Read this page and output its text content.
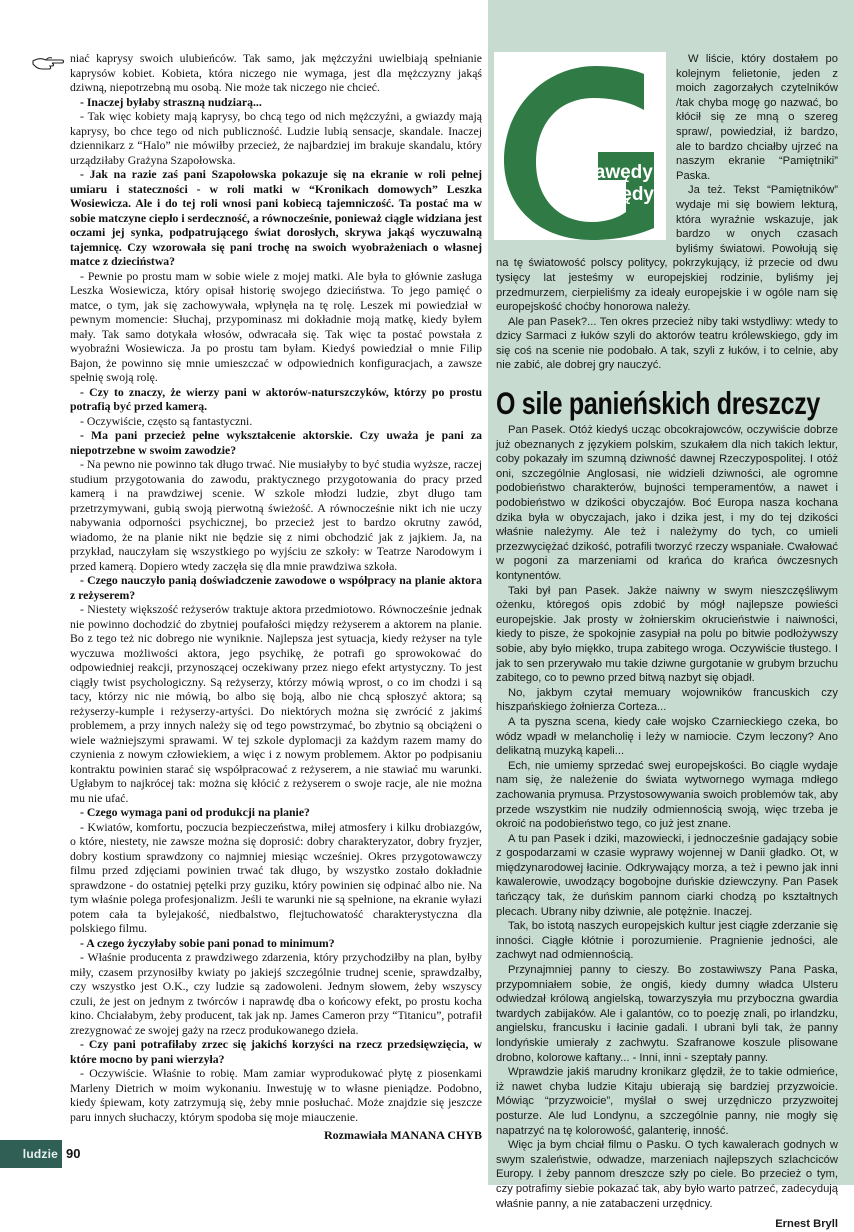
niać kaprysy swoich ulubieńców. Tak samo, jak mężczyźni uwielbiają spełnianie kaprysów kobiet. Kobieta, która niczego nie wymaga, jest dla mężczyzny jakąś dziwną, niepotrzebną mu osobą. Nie może tak niczego nie chcieć.

- Inaczej byłaby straszną nudziarą...

- Tak więc kobiety mają kaprysy, bo chcą tego od nich mężczyźni, a gwiazdy mają kaprysy, bo chce tego od nich publiczność. Ludzie lubią sensacje, skandale. Inaczej dziennikarz z “Halo” nie mówiłby przecież, że najbardziej im brakuje skandalu, który urządziłaby Grażyna Szapołowska.

- Jak na razie zaś pani Szapołowska pokazuje się na ekranie w roli pełnej umiaru i stateczności - w roli matki w “Kronikach domowych” Leszka Wosiewicza. Ale i do tej roli wnosi pani kobiecą tajemniczość. Ta postać ma w sobie matczyne ciepło i serdeczność, a równocześnie, ponieważ ciągle widziana jest oczami jej synka, podpatrującego świat dorosłych, skrywa jakąś wyczuwalną tajemnicę. Czy wzorowała się pani trochę na swoich wyobrażeniach o własnej matce z dzieciństwa?

- Pewnie po prostu mam w sobie wiele z mojej matki. Ale była to głównie zasługa Leszka Wosiewicza, który opisał historię swojego dzieciństwa. To jego pamięć o matce, o tym, jak się zachowywała, wpłynęła na tę rolę. Leszek mi powiedział w pewnym momencie: Słuchaj, przypominasz mi dokładnie moją matkę, kiedy byłem mały. Tak samo dotykała włosów, odwracała się. Tak więc ta postać powstała z wyobraźni Wosiewicza. Ja po prostu tam byłam. Kiedyś powiedział o mnie Filip Bajon, że powinno się mnie umieszczać w odpowiednich konfiguracjach, a zawsze spełnię swoją rolę.

- Czy to znaczy, że wierzy pani w aktorów-naturszczyków, którzy po prostu potrafią być przed kamerą.

- Oczywiście, często są fantastyczni.

- Ma pani przecież pełne wykształcenie aktorskie. Czy uważa je pani za niepotrzebne w swoim zawodzie?

- Na pewno nie powinno tak długo trwać. Nie musiałyby to być studia wyższe, raczej studium przygotowania do zawodu, praktycznego przygotowania do pracy przed kamerą i na prawdziwej scenie. W szkole młodzi ludzie, zbyt długo tam przetrzymywani, gubią swoją pierwotną świeżość. A równocześnie nikt ich nie uczy nabywania odporności psychicznej, bo przecież jest to bardzo okrutny zawód, wiadomo, że na planie nikt nie będzie się z nimi obchodzić jak z jajkiem. Ja, na przykład, nauczyłam się wszystkiego po wyjściu ze szkoły: w Teatrze Narodowym i przed kamerą. Dopiero wtedy zaczęła się dla mnie prawdziwa szkoła.

- Czego nauczyło panią doświadczenie zawodowe o współpracy na planie aktora z reżyserem?

- Niestety większość reżyserów traktuje aktora przedmiotowo. Równocześnie jednak nie powinno dochodzić do zbytniej poufałości między reżyserem a aktorem na planie. Bo z tego też nic dobrego nie wyniknie. Najlepsza jest sytuacja, kiedy reżyser na tyle wyczuwa możliwości aktora, jego psychikę, że potrafi go sprowokować do odpowiedniej reakcji, przynoszącej oczekiwany przez niego efekt artystyczny. To jest ciągły twist psychologiczny. Są reżyserzy, którzy mówią wprost, o co im chodzi i są tacy, którzy nic nie mówią, bo albo się boją, albo nie chcą spłoszyć aktora; są reżyserzy-kumple i reżyserzy-artyści. Do niektórych można się zwrócić z jakimś problemem, a przy innych należy się od tego powstrzymać, bo zbytnio są obciążeni o wiele ważniejszymi sprawami. W tej szkole dyplomacji za każdym razem mamy do czynienia z nowym człowiekiem, a więc i z nowym problemem. Aktor po podpisaniu kontraktu powinien starać się współpracować z reżyserem, a nie stawiać mu warunki. Ugłabym to najkrócej tak: można się kłócić z reżyserem o swoje racje, ale nie można mu nie ufać.

- Czego wymaga pani od produkcji na planie?

- Kwiatów, komfortu, poczucia bezpieczeństwa, miłej atmosfery i kilku drobiazgów, o które, niestety, nie zawsze można się doprosić: dobry charakteryzator, dobry fryzjer, dobry kostium sprawdzony co najmniej miesiąc wcześniej. Okres przygotowawczy filmu przed zdjęciami powinien trwać tak długo, by wszystko zostało dokładnie sprawdzone - do ostatniej pętelki przy guziku, który powinien się odpinać albo nie. Na tym właśnie polega profesjonalizm. Jeśli te warunki nie są spełnione, na ekranie wyłazi potem cała ta bylejakość, niedbalstwo, flejtuchowatość charakterystyczna dla polskiego filmu.

- A czego życzyłaby sobie pani ponad to minimum?

- Właśnie producenta z prawdziwego zdarzenia, który przychodziłby na plan, byłby miły, czasem przynosiłby kwiaty po jakiejś szczególnie trudnej scenie, sprawdzałby, czy wszystko jest O.K., czy ludzie są zadowoleni. Jednym słowem, żeby wszyscy czuli, że jest on jednym z twórców i naprawdę dba o końcowy efekt, po prostu kocha kino. Chciałabym, żeby producent, tak jak np. James Cameron przy “Titanicu”, potrafił zrezygnować ze swojej gaży na rzecz produkowanego dzieła.

- Czy pani potrafiłaby zrzec się jakichś korzyści na rzecz przedsięwzięcia, w które mocno by pani wierzyła?

- Oczywiście. Właśnie to robię. Mam zamiar wyprodukować płytę z piosenkami Marleny Dietrich w moim wykonaniu. Inwestuję w to własne pieniądze. Podobno, kiedy śpiewam, koty zatrzymują się, żeby mnie posłuchać. Może znajdzie się jeszcze paru innych słuchaczy, którym spodoba się moje miauczenie.

Rozmawiała MANANA CHYB

ludzie 90
gawędy
z grzędy

W liście, który dostałem po kolejnym felietonie, jeden z moich zagorzałych czytelników /tak chyba mogę go nazwać, bo kłócił się ze mną o szereg spraw/, powiedział, iż bardzo, ale to bardzo chciałby ujrzeć na naszym ekranie “Pamiętniki” Paska.

Ja też. Tekst “Pamiętników” wydaje mi się bowiem lekturą, która wyraźnie wskazuje, jak bardzo w onych czasach byliśmy światowi. Powołują się na tę światowość polscy politycy, pokrzykujący, iż przecie od dwu tysięcy lat jesteśmy w europejskiej rodzinie, byliśmy jej przedmurzem, cierpieliśmy za ideały europejskie i w ogóle nam się europejskość choćby honorowa należy.

Ale pan Pasek?... Ten okres przecież niby taki wstydliwy: wtedy to dzicy Sarmaci z łuków szyli do aktorów teatru królewskiego, gdy im się coś na scenie nie podobało. A tak, szyli z łuków, i to celnie, aby nie zabić, ale dobrej gry nauczyć.

O sile panieńskich dreszczy

Pan Pasek. Otóż kiedyś ucząc obcokrajowców, oczywiście dobrze już obeznanych z językiem polskim, szukałem dla nich takich lektur, coby pokazały im szumną dziwność dawnej Rzeczypospolitej. I otóż oni, szczególnie Anglosasi, nie widzieli dziwności, ale ogromne podobieństwo charakterów, bujności temperamentów, a nawet i podobieństwo w dzikości obyczajów. Boć Europa nasza kochana dzika była w obyczajach, jako i dzika jest, i my do tej dzikości właśnie należymy. Ale też i należymy do tych, co umieli przezwyciężać dzikość, potrafili tworzyć rzeczy wspaniałe. Cwałować w pogoni za marzeniami od krańca do krańca ówczesnych kontynentów.

Taki był pan Pasek. Jakże naiwny w swym nieszczęśliwym ożenku, któregoś opis zdobić by mógł najlepsze powieści europejskie. Jak prosty w żołnierskim okrucieństwie i naiwności, kiedy to pisze, że spokojnie zasypiał na polu po bitwie podłożywszy sobie, aby było miękko, trupa zabitego wroga. Oczywiście tłustego. I jak to sen przerywało mu takie dziwne gurgotanie w grubym brzuchu zabitego, co to pewno przed bitwą nazbyt się objadł.

No, jakbym czytał memuary wojowników francuskich czy hiszpańskiego żołnierza Corteza...

A ta pyszna scena, kiedy całe wojsko Czarnieckiego czeka, bo wódz wpadł w melancholię i leży w namiocie. Czym leczony? Ano delikatną muzyką kapeli...

Ech, nie umiemy sprzedać swej europejskości. Bo ciągle wydaje nam się, że należenie do świata wytwornego wymaga mdłego zachowania prymusa. Przystosowywania swoich problemów tak, aby przede wszystkim nie nudziły odmiennością swoją, więc trzeba je okroić na podobieństwo tego, co już jest znane.

A tu pan Pasek i dziki, mazowiecki, i jednocześnie gadający sobie z gospodarzami w czasie wyprawy wojennej w Danii gładko. Ot, w międzynarodowej łacinie. Odkrywający morza, a też i pewno jak inni kawalerowie, uwodzący bogobojne duńskie dziewczyny. Pan Pasek tańczący tak, że duńskim pannom ciarki chodzą po kształtnych plecach. Ubrany niby dziwnie, ale potężnie. Inaczej.

Tak, bo istotą naszych europejskich kultur jest ciągłe zderzanie się inności. Ciągłe kłótnie i porozumienie. Pragnienie jedności, ale zachwyt nad odmiennością.

Przynajmniej panny to cieszy. Bo zostawiwszy Pana Paska, przypomniałem sobie, że ongiś, kiedy dumny władca Ulsteru odwiedzał królową angielską, towarzyszyła mu przyboczna gwardia twardych zabijaków. Ale i galantów, co to poezję znali, po irlandzku, angielsku, francusku i łacinie gadali. I ubrani byli tak, że panny londyńskie umierały z zachwytu. Szafranowe koszule plisowane drobno, kolorowe kaftany... - Inni, inni - szeptały panny.

Wprawdzie jakiś marudny kronikarz ględził, że to takie odmieńce, iż nawet chyba ludzie Kitaju ubierają się bardziej przyzwoicie. Mówiąc “przyzwoicie”, myślał o swej urzędniczo przyzwoitej posturze. Ale lud Londynu, a szczególnie panny, nie mogły się napatrzyć na tę kolorowość, galanterię, inność.

Więc ja bym chciał filmu o Pasku. O tych kawalerach godnych w swym szaleństwie, odwadze, marzeniach najlepszych szlachciców Europy. I żeby pannom dreszcze szły po ciele. Bo przecież o tym, czy potrafimy siebie pokazać tak, aby było warto patrzeć, zadecydują właśnie panny, a nie zatabaczeni urzędnicy.

Ernest Bryll
